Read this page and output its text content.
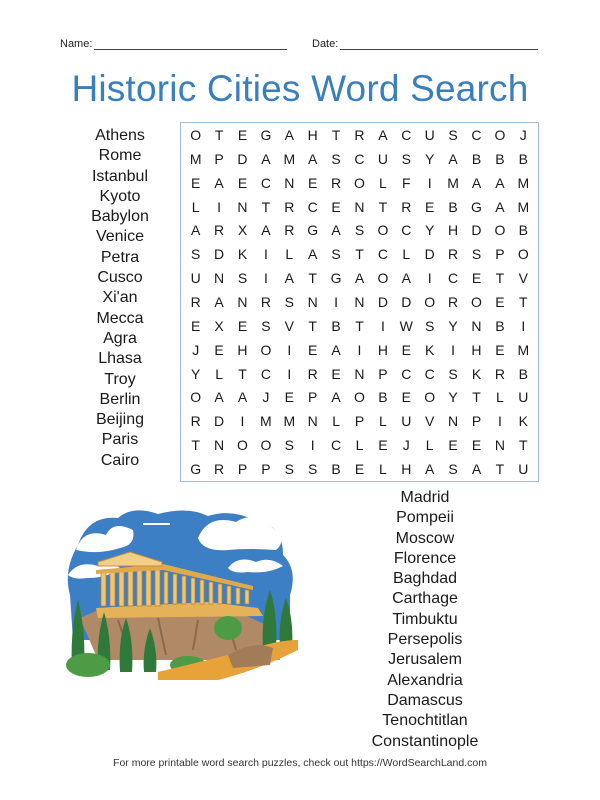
Name:	Date:
Historic Cities Word Search
Athens
Rome
Istanbul
Kyoto
Babylon
Venice
Petra
Cusco
Xi'an
Mecca
Agra
Lhasa
Troy
Berlin
Beijing
Paris
Cairo
O T	E G A H	T	R A C U S C O	J
M P D A M A	S C U S	Y	A	B	B	B
E	A	E C N E R O	L	F	I	M A	A M
L	I	N	T	R C E N	T	R E	B G A M
A R X	A R G A	S O C Y H D O B
S D K	I	L	A	S	T	C	L	D R S	P O
U N S	I	A	T G A O A	I	C E	T	V
R A N R S N	I	N D D O R O E	T
E	X	E	S	V	T	B	T	I	W S	Y N B	I
J	E H O	I	E	A	I	H E	K	I	H E M
Y	L	T	C	I	R E N P C C S	K R B
O A	A	J	E	P	A O B	E O Y	T	L	U
R D	I	M M N	L	P	L	U V N P	I	K
T	N O O S	I	C	L	E	J	L	E	E N	T
G R P	P	S	S	B	E	L	H A	S	A	T	U
Madrid
Pompeii
Moscow
Florence
Baghdad
Carthage
Timbuktu
Persepolis
Jerusalem
Alexandria
Damascus
Tenochtitlan
Constantinople
For more printable word search puzzles, check out https://WordSearchLand.com
